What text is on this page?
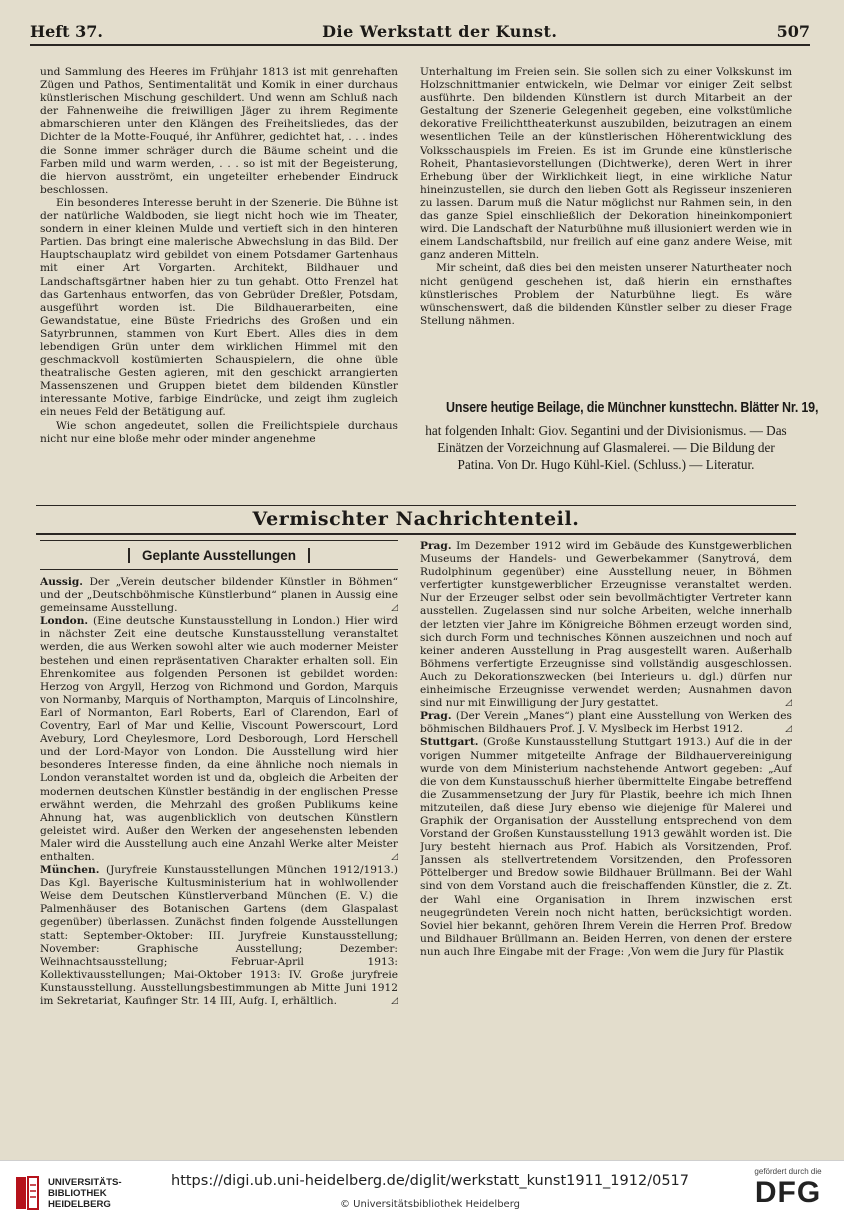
Heft 37.	Die Werkstatt der Kunst.	507

und Sammlung des Heeres im Frühjahr 1813 ist mit genrehaften Zügen und Pathos, Sentimentalität und Komik in einer durchaus künstlerischen Mischung geschildert. Und wenn am Schluß nach der Fahnenweihe die freiwilligen Jäger zu ihrem Regimente abmarschieren unter den Klängen des Freiheitsliedes, das der Dichter de la Motte-Fouqué, ihr Anführer, gedichtet hat, . . . indes die Sonne immer schräger durch die Bäume scheint und die Farben mild und warm werden, . . . so ist mit der Begeisterung, die hiervon ausströmt, ein ungeteilter erhebender Eindruck beschlossen.

Ein besonderes Interesse beruht in der Szenerie. Die Bühne ist der natürliche Waldboden, sie liegt nicht hoch wie im Theater, sondern in einer kleinen Mulde und vertieft sich in den hinteren Partien. Das bringt eine malerische Abwechslung in das Bild. Der Hauptschauplatz wird gebildet von einem Potsdamer Gartenhaus mit einer Art Vorgarten. Architekt, Bildhauer und Landschaftsgärtner haben hier zu tun gehabt. Otto Frenzel hat das Gartenhaus entworfen, das von Gebrüder Dreßler, Potsdam, ausgeführt worden ist. Die Bildhauerarbeiten, eine Gewandstatue, eine Büste Friedrichs des Großen und ein Satyrbrunnen, stammen von Kurt Ebert. Alles dies in dem lebendigen Grün unter dem wirklichen Himmel mit den geschmackvoll kostümierten Schauspielern, die ohne üble theatralische Gesten agieren, mit den geschickt arrangierten Massenszenen und Gruppen bietet dem bildenden Künstler interessante Motive, farbige Eindrücke, und zeigt ihm zugleich ein neues Feld der Betätigung auf.

Wie schon angedeutet, sollen die Freilichtspiele durchaus nicht nur eine bloße mehr oder minder angenehme

Unterhaltung im Freien sein. Sie sollen sich zu einer Volkskunst im Holzschnittmanier entwickeln, wie Delmar vor einiger Zeit selbst ausführte. Den bildenden Künstlern ist durch Mitarbeit an der Gestaltung der Szenerie Gelegenheit gegeben, eine volkstümliche dekorative Freilichttheaterkunst auszubilden, beizutragen an einem wesentlichen Teile an der künstlerischen Höherentwicklung des Volksschauspiels im Freien. Es ist im Grunde eine künstlerische Roheit, Phantasievorstellungen (Dichtwerke), deren Wert in ihrer Erhebung über der Wirklichkeit liegt, in eine wirkliche Natur hineinzustellen, sie durch den lieben Gott als Regisseur inszenieren zu lassen. Darum muß die Natur möglichst nur Rahmen sein, in den das ganze Spiel einschließlich der Dekoration hineinkomponiert wird. Die Landschaft der Naturbühne muß illusioniert werden wie in einem Landschaftsbild, nur freilich auf eine ganz andere Weise, mit ganz anderen Mitteln.

Mir scheint, daß dies bei den meisten unserer Naturtheater noch nicht genügend geschehen ist, daß hierin ein ernsthaftes künstlerisches Problem der Naturbühne liegt. Es wäre wünschenswert, daß die bildenden Künstler selber zu dieser Frage Stellung nähmen.

Unsere heutige Beilage, die Münchner kunsttechn. Blätter Nr. 19,
hat folgenden Inhalt: Giov. Segantini und der Divisionismus. — Das Einätzen der Vorzeichnung auf Glasmalerei. — Die Bildung der Patina. Von Dr. Hugo Kühl-Kiel. (Schluss.) — Literatur.
Vermischter Nachrichtenteil.
Geplante Ausstellungen

Aussig. Der „Verein deutscher bildender Künstler in Böhmen“ und der „Deutschböhmische Künstlerbund“ planen in Aussig eine gemeinsame Ausstellung.	◿

London. (Eine deutsche Kunstausstellung in London.) Hier wird in nächster Zeit eine deutsche Kunstausstellung veranstaltet werden, die aus Werken sowohl alter wie auch moderner Meister bestehen und einen repräsentativen Charakter erhalten soll. Ein Ehrenkomitee aus folgenden Personen ist gebildet worden: Herzog von Argyll, Herzog von Richmond und Gordon, Marquis von Normanby, Marquis of Northampton, Marquis of Lincolnshire, Earl of Normanton, Earl Roberts, Earl of Clarendon, Earl of Coventry, Earl of Mar und Kellie, Viscount Powerscourt, Lord Avebury, Lord Cheylesmore, Lord Desborough, Lord Herschell und der Lord-Mayor von London. Die Ausstellung wird hier besonderes Interesse finden, da eine ähnliche noch niemals in London veranstaltet worden ist und da, obgleich die Arbeiten der modernen deutschen Künstler beständig in der englischen Presse erwähnt werden, die Mehrzahl des großen Publikums keine Ahnung hat, was augenblicklich von deutschen Künstlern geleistet wird. Außer den Werken der angesehensten lebenden Maler wird die Ausstellung auch eine Anzahl Werke alter Meister enthalten.	◿

München. (Juryfreie Kunstausstellungen München 1912/1913.) Das Kgl. Bayerische Kultusministerium hat in wohlwollender Weise dem Deutschen Künstlerverband München (E. V.) die Palmenhäuser des Botanischen Gartens (dem Glaspalast gegenüber) überlassen. Zunächst finden folgende Ausstellungen statt: September-Oktober: III. Juryfreie Kunstausstellung; November: Graphische Ausstellung; Dezember: Weihnachtsausstellung; Februar-April 1913: Kollektivausstellungen; Mai-Oktober 1913: IV. Große juryfreie Kunstausstellung. Ausstellungsbestimmungen ab Mitte Juni 1912 im Sekretariat, Kaufinger Str. 14 III, Aufg. I, erhältlich.	◿

Prag. Im Dezember 1912 wird im Gebäude des Kunstgewerblichen Museums der Handels- und Gewerbekammer (Sanytrová, dem Rudolphinum gegenüber) eine Ausstellung neuer, in Böhmen verfertigter kunstgewerblicher Erzeugnisse veranstaltet werden. Nur der Erzeuger selbst oder sein bevollmächtigter Vertreter kann ausstellen. Zugelassen sind nur solche Arbeiten, welche innerhalb der letzten vier Jahre im Königreiche Böhmen erzeugt worden sind, sich durch Form und technisches Können auszeichnen und noch auf keiner anderen Ausstellung in Prag ausgestellt waren. Außerhalb Böhmens verfertigte Erzeugnisse sind vollständig ausgeschlossen. Auch zu Dekorationszwecken (bei Interieurs u. dgl.) dürfen nur einheimische Erzeugnisse verwendet werden; Ausnahmen davon sind nur mit Einwilligung der Jury gestattet.	◿

Prag. (Der Verein „Manes“) plant eine Ausstellung von Werken des böhmischen Bildhauers Prof. J. V. Myslbeck im Herbst 1912.	◿

Stuttgart. (Große Kunstausstellung Stuttgart 1913.) Auf die in der vorigen Nummer mitgeteilte Anfrage der Bildhauervereinigung wurde von dem Ministerium nachstehende Antwort gegeben: „Auf die von dem Kunstausschuß hierher übermittelte Eingabe betreffend die Zusammensetzung der Jury für Plastik, beehre ich mich Ihnen mitzuteilen, daß diese Jury ebenso wie diejenige für Malerei und Graphik der Organisation der Ausstellung entsprechend von dem Vorstand der Großen Kunstausstellung 1913 gewählt worden ist. Die Jury besteht hiernach aus Prof. Habich als Vorsitzenden, Prof. Janssen als stellvertretendem Vorsitzenden, den Professoren Pöttelberger und Bredow sowie Bildhauer Brüllmann. Bei der Wahl sind von dem Vorstand auch die freischaffenden Künstler, die z. Zt. der Wahl eine Organisation in Ihrem inzwischen erst neugegründeten Verein noch nicht hatten, berücksichtigt worden. Soviel hier bekannt, gehören Ihrem Verein die Herren Prof. Bredow und Bildhauer Brüllmann an. Beiden Herren, von denen der erstere nun auch Ihre Eingabe mit der Frage: ‚Von wem die Jury für Plastik

UNIVERSITÄTS-
BIBLIOTHEK
HEIDELBERG
https://digi.ub.uni-heidelberg.de/diglit/werkstatt_kunst1911_1912/0517
© Universitätsbibliothek Heidelberg
gefördert durch die
DFG
